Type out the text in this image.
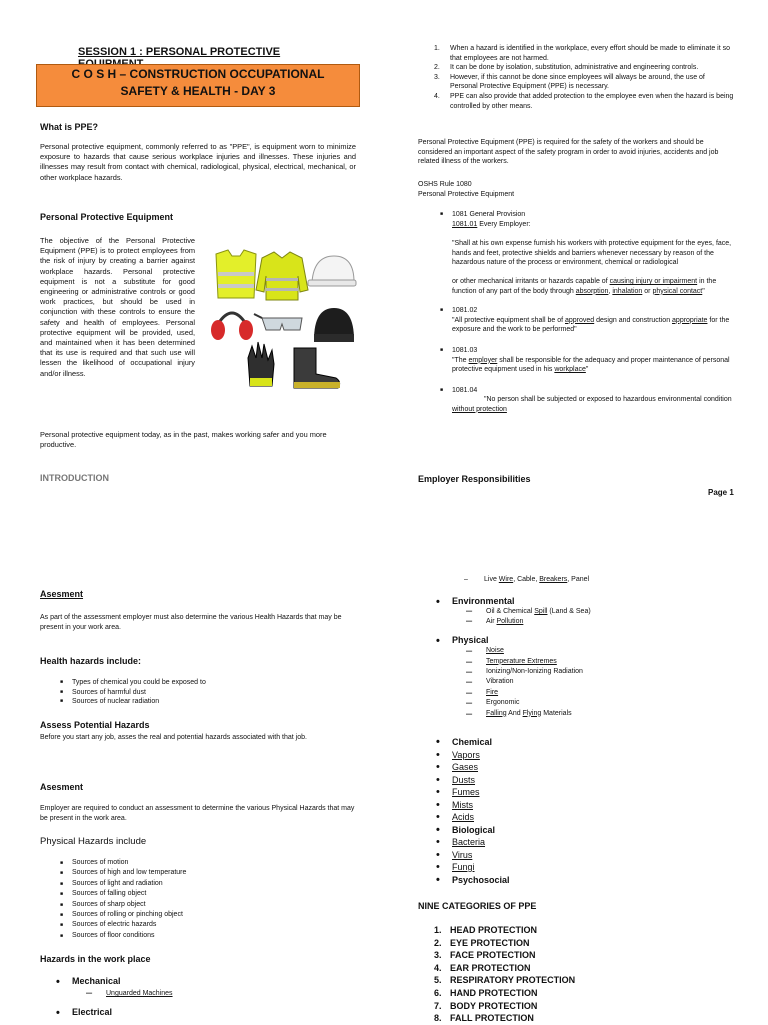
SESSION 1 : PERSONAL PROTECTIVE
C O S H – CONSTRUCTION OCCUPATIONAL
SAFETY & HEALTH - DAY 3
What is PPE?
Personal protective equipment, commonly referred to as "PPE", is equipment worn to minimize exposure to hazards that cause serious workplace injuries and illnesses. These injuries and illnesses may result from contact with chemical, radiological, physical, electrical, mechanical, or other workplace hazards.
Personal Protective Equipment
The objective of the Personal Protective Equipment (PPE) is to protect employees from the risk of injury by creating a barrier against workplace hazards. Personal protective equipment is not a substitute for good engineering or administrative controls or good work practices, but should be used in conjunction with these controls to ensure the safety and health of employees. Personal protective equipment will be provided, used, and maintained when it has been determined that its use is required and that such use will lessen the likelihood of occupational injury and/or illness.
Personal protective equipment today, as in the past, makes working safer and you more productive.
INTRODUCTION
1. When a hazard is identified in the workplace, every effort should be made to eliminate it so that employees are not harmed.
2. It can be done by isolation, substitution, administrative and engineering controls.
3. However, if this cannot be done since employees will always be around, the use of Personal Protective Equipment (PPE) is necessary.
4. PPE can also provide that added protection to the employee even when the hazard is being controlled by other means.
Personal Protective Equipment (PPE) is required for the safety of the workers and should be considered an important aspect of the safety program in order to avoid injuries, accidents and job related illness of the workers.
OSHS Rule 1080
Personal Protective Equipment
■ 1081 General Provision
1081.01 Every Employer:
"Shall at his own expense furnish his workers with protective equipment for the eyes, face, hands and feet, protective shields and barriers whenever necessary by reason of the hazardous nature of the process or environment, chemical or radiological
or other mechanical irritants or hazards capable of causing injury or impairment in the function of any part of the body through absorption, inhalation or physical contact"
■ 1081.02
"All protective equipment shall be of approved design and construction appropriate for the exposure and the work to be performed"
■ 1081.03
"The employer shall be responsible for the adequacy and proper maintenance of personal protective equipment used in his workplace"
■ 1081.04
"No person shall be subjected or exposed to hazardous environmental condition without protection
Employer Responsibilities
Page 1
Asesment
As part of the assessment employer must also determine the various Health Hazards that may be present in your work area.
Health hazards include:
■ Types of chemical you could be exposed to
■ Sources of harmful dust
■ Sources of nuclear radiation
Assess Potential Hazards
Before you start any job, asses the real and potential hazards associated with that job.
Asesment
Employer are required to conduct an assessment to determine the various Physical Hazards that may be present in the work area.
Physical Hazards include
■ Sources of motion
■ Sources of high and low temperature
■ Sources of light and radiation
■ Sources of falling object
■ Sources of sharp object
■ Sources of rolling or pinching object
■ Sources of electric hazards
■ Sources of floor conditions
Hazards in the work place
• Mechanical
– Unguarded Machines
• Electrical
– Live Wire, Cable, Breakers, Panel
• Environmental
– Oil & Chemical Spill (Land & Sea)
– Air Pollution
• Physical
– Noise
– Temperature Extremes
– Ionizing/Non-Ionizing Radiation
– Vibration
– Fire
– Ergonomic
– Falling And Flying Materials
• Chemical
• Vapors
• Gases
• Dusts
• Fumes
• Mists
• Acids
• Biological
• Bacteria
• Virus
• Fungi
• Psychosocial
NINE CATEGORIES OF PPE
1. HEAD PROTECTION
2. EYE PROTECTION
3. FACE PROTECTION
4. EAR PROTECTION
5. RESPIRATORY PROTECTION
6. HAND PROTECTION
7. BODY PROTECTION
8. FALL PROTECTION
